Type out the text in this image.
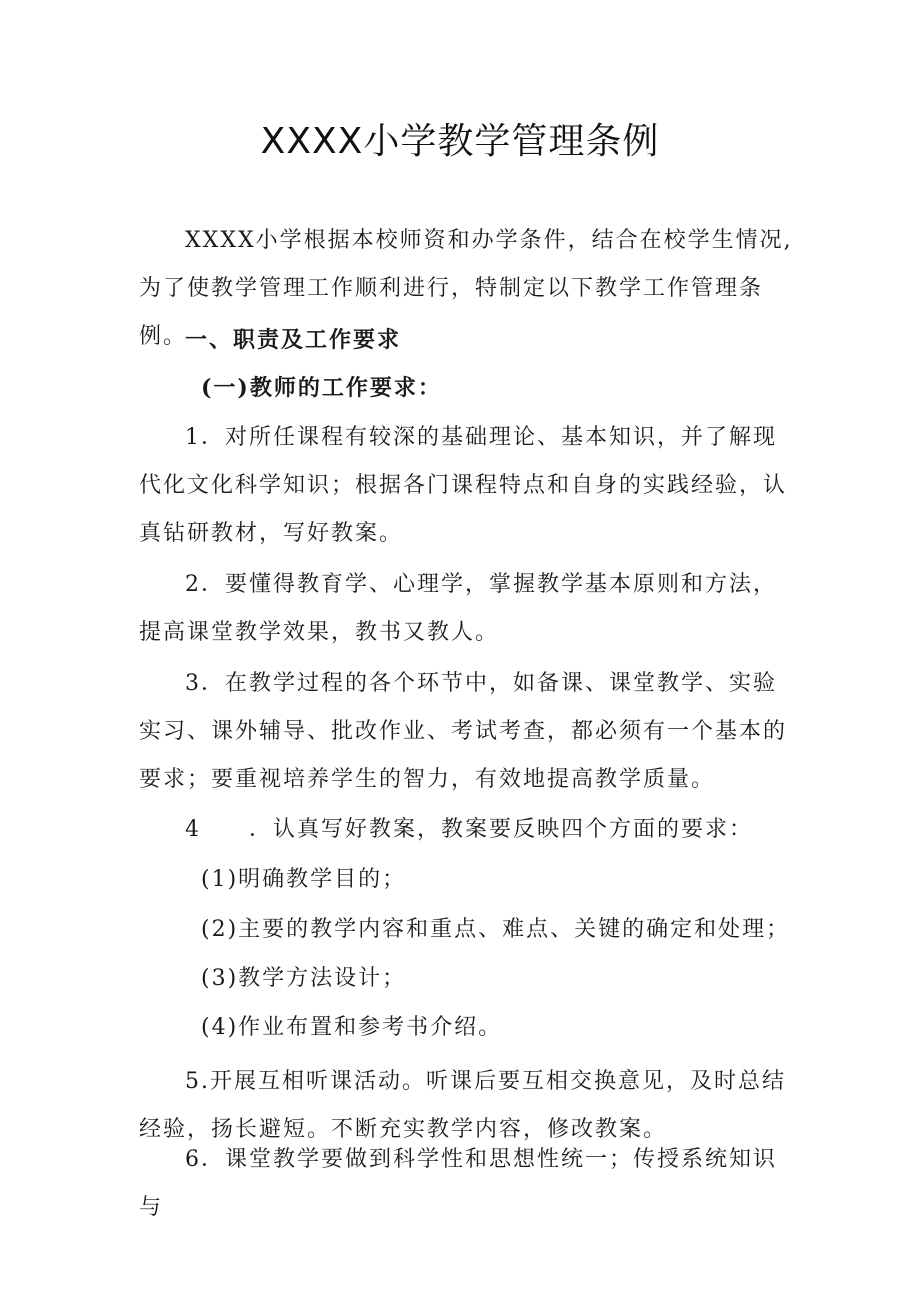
XXXX小学教学管理条例
XXXX小学根据本校师资和办学条件，结合在校学生情况,为了使教学管理工作顺利进行，特制定以下教学工作管理条例。
一、职责及工作要求
(一)教师的工作要求：
1．对所任课程有较深的基础理论、基本知识，并了解现代化文化科学知识；根据各门课程特点和自身的实践经验，认真钻研教材，写好教案。
2．要懂得教育学、心理学，掌握教学基本原则和方法，提高课堂教学效果，教书又教人。
3．在教学过程的各个环节中，如备课、课堂教学、实验实习、课外辅导、批改作业、考试考查，都必须有一个基本的要求；要重视培养学生的智力，有效地提高教学质量。
4　　．认真写好教案，教案要反映四个方面的要求：
(1)明确教学目的；
(2)主要的教学内容和重点、难点、关键的确定和处理；
(3)教学方法设计；
(4)作业布置和参考书介绍。
5.开展互相听课活动。听课后要互相交换意见，及时总结经验，扬长避短。不断充实教学内容，修改教案。
6．课堂教学要做到科学性和思想性统一；传授系统知识与
